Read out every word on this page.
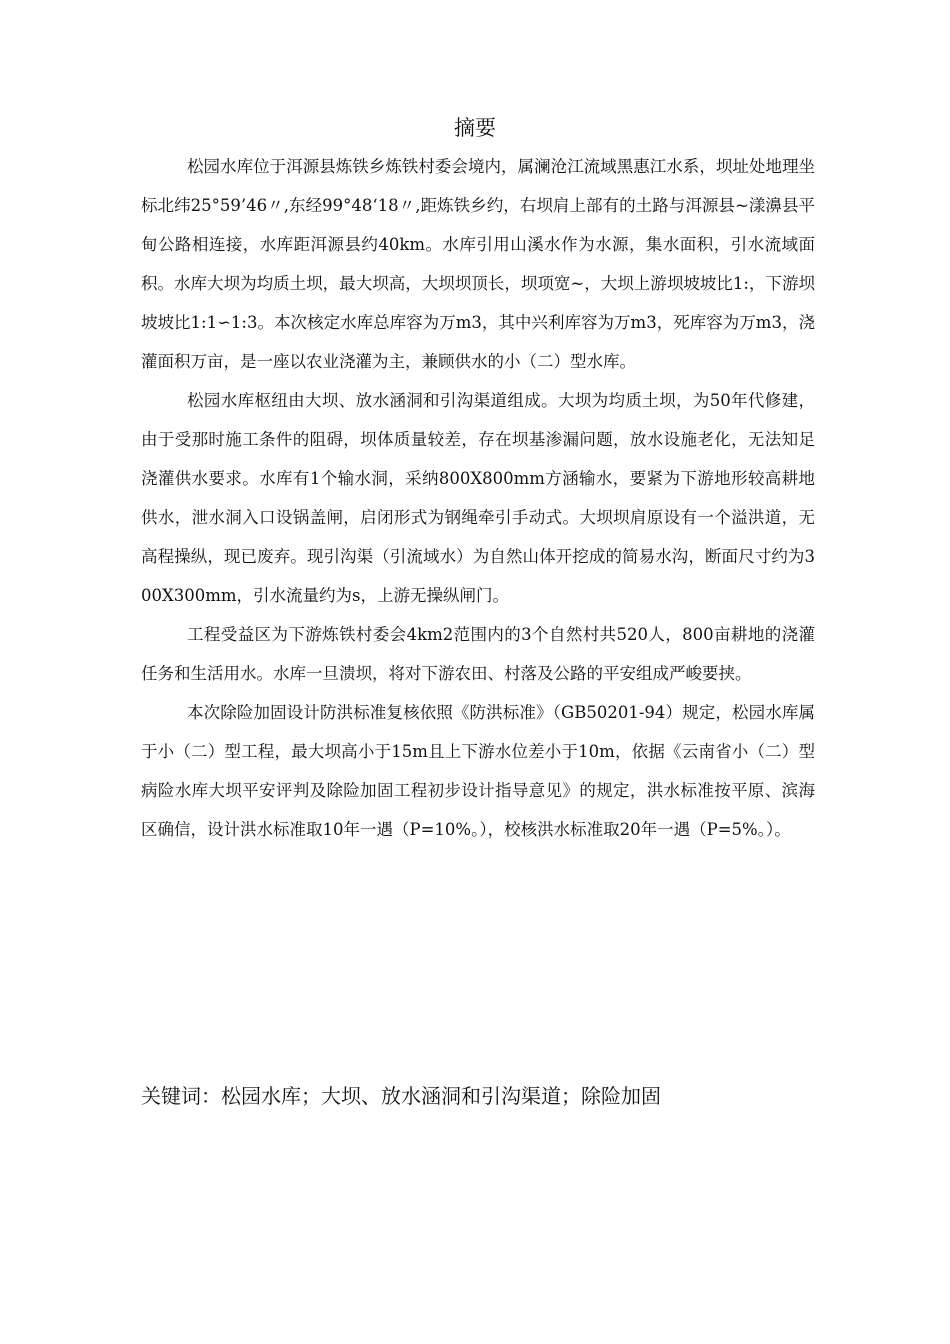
摘要

松园水库位于洱源县炼铁乡炼铁村委会境内，属澜沧江流域黑惠江水系，坝址处地理坐标北纬25°59’46〃,东经99°48‘18〃,距炼铁乡约，右坝肩上部有的土路与洱源县~漾濞县平甸公路相连接，水库距洱源县约40km。水库引用山溪水作为水源，集水面积，引水流域面积。水库大坝为均质土坝，最大坝高，大坝坝顶长，坝项宽~，大坝上游坝坡坡比1:，下游坝坡坡比1:1∽1:3。本次核定水库总库容为万m3，其中兴利库容为万m3，死库容为万m3，浇灌面积万亩，是一座以农业浇灌为主，兼顾供水的小（二）型水库。

松园水库枢纽由大坝、放水涵洞和引沟渠道组成。大坝为均质土坝，为50年代修建，由于受那时施工条件的阻碍，坝体质量较差，存在坝基渗漏问题，放水设施老化，无法知足浇灌供水要求。水库有1个输水洞，采纳800X800mm方涵输水，要紧为下游地形较高耕地供水，泄水洞入口设锅盖闸，启闭形式为钢绳牵引手动式。大坝坝肩原设有一个溢洪道，无高程操纵，现已废弃。现引沟渠（引流域水）为自然山体开挖成的简易水沟，断面尺寸约为300X300mm，引水流量约为s，上游无操纵闸门。

工程受益区为下游炼铁村委会4km2范围内的3个自然村共520人，800亩耕地的浇灌任务和生活用水。水库一旦溃坝，将对下游农田、村落及公路的平安组成严峻要挟。

本次除险加固设计防洪标准复核依照《防洪标准》（GB50201-94）规定，松园水库属于小（二）型工程，最大坝高小于15m且上下游水位差小于10m，依据《云南省小（二）型病险水库大坝平安评判及除险加固工程初步设计指导意见》的规定，洪水标准按平原、滨海区确信，设计洪水标准取10年一遇（P=10%。），校核洪水标准取20年一遇（P=5%。）。

关键词：松园水库；大坝、放水涵洞和引沟渠道；除险加固
